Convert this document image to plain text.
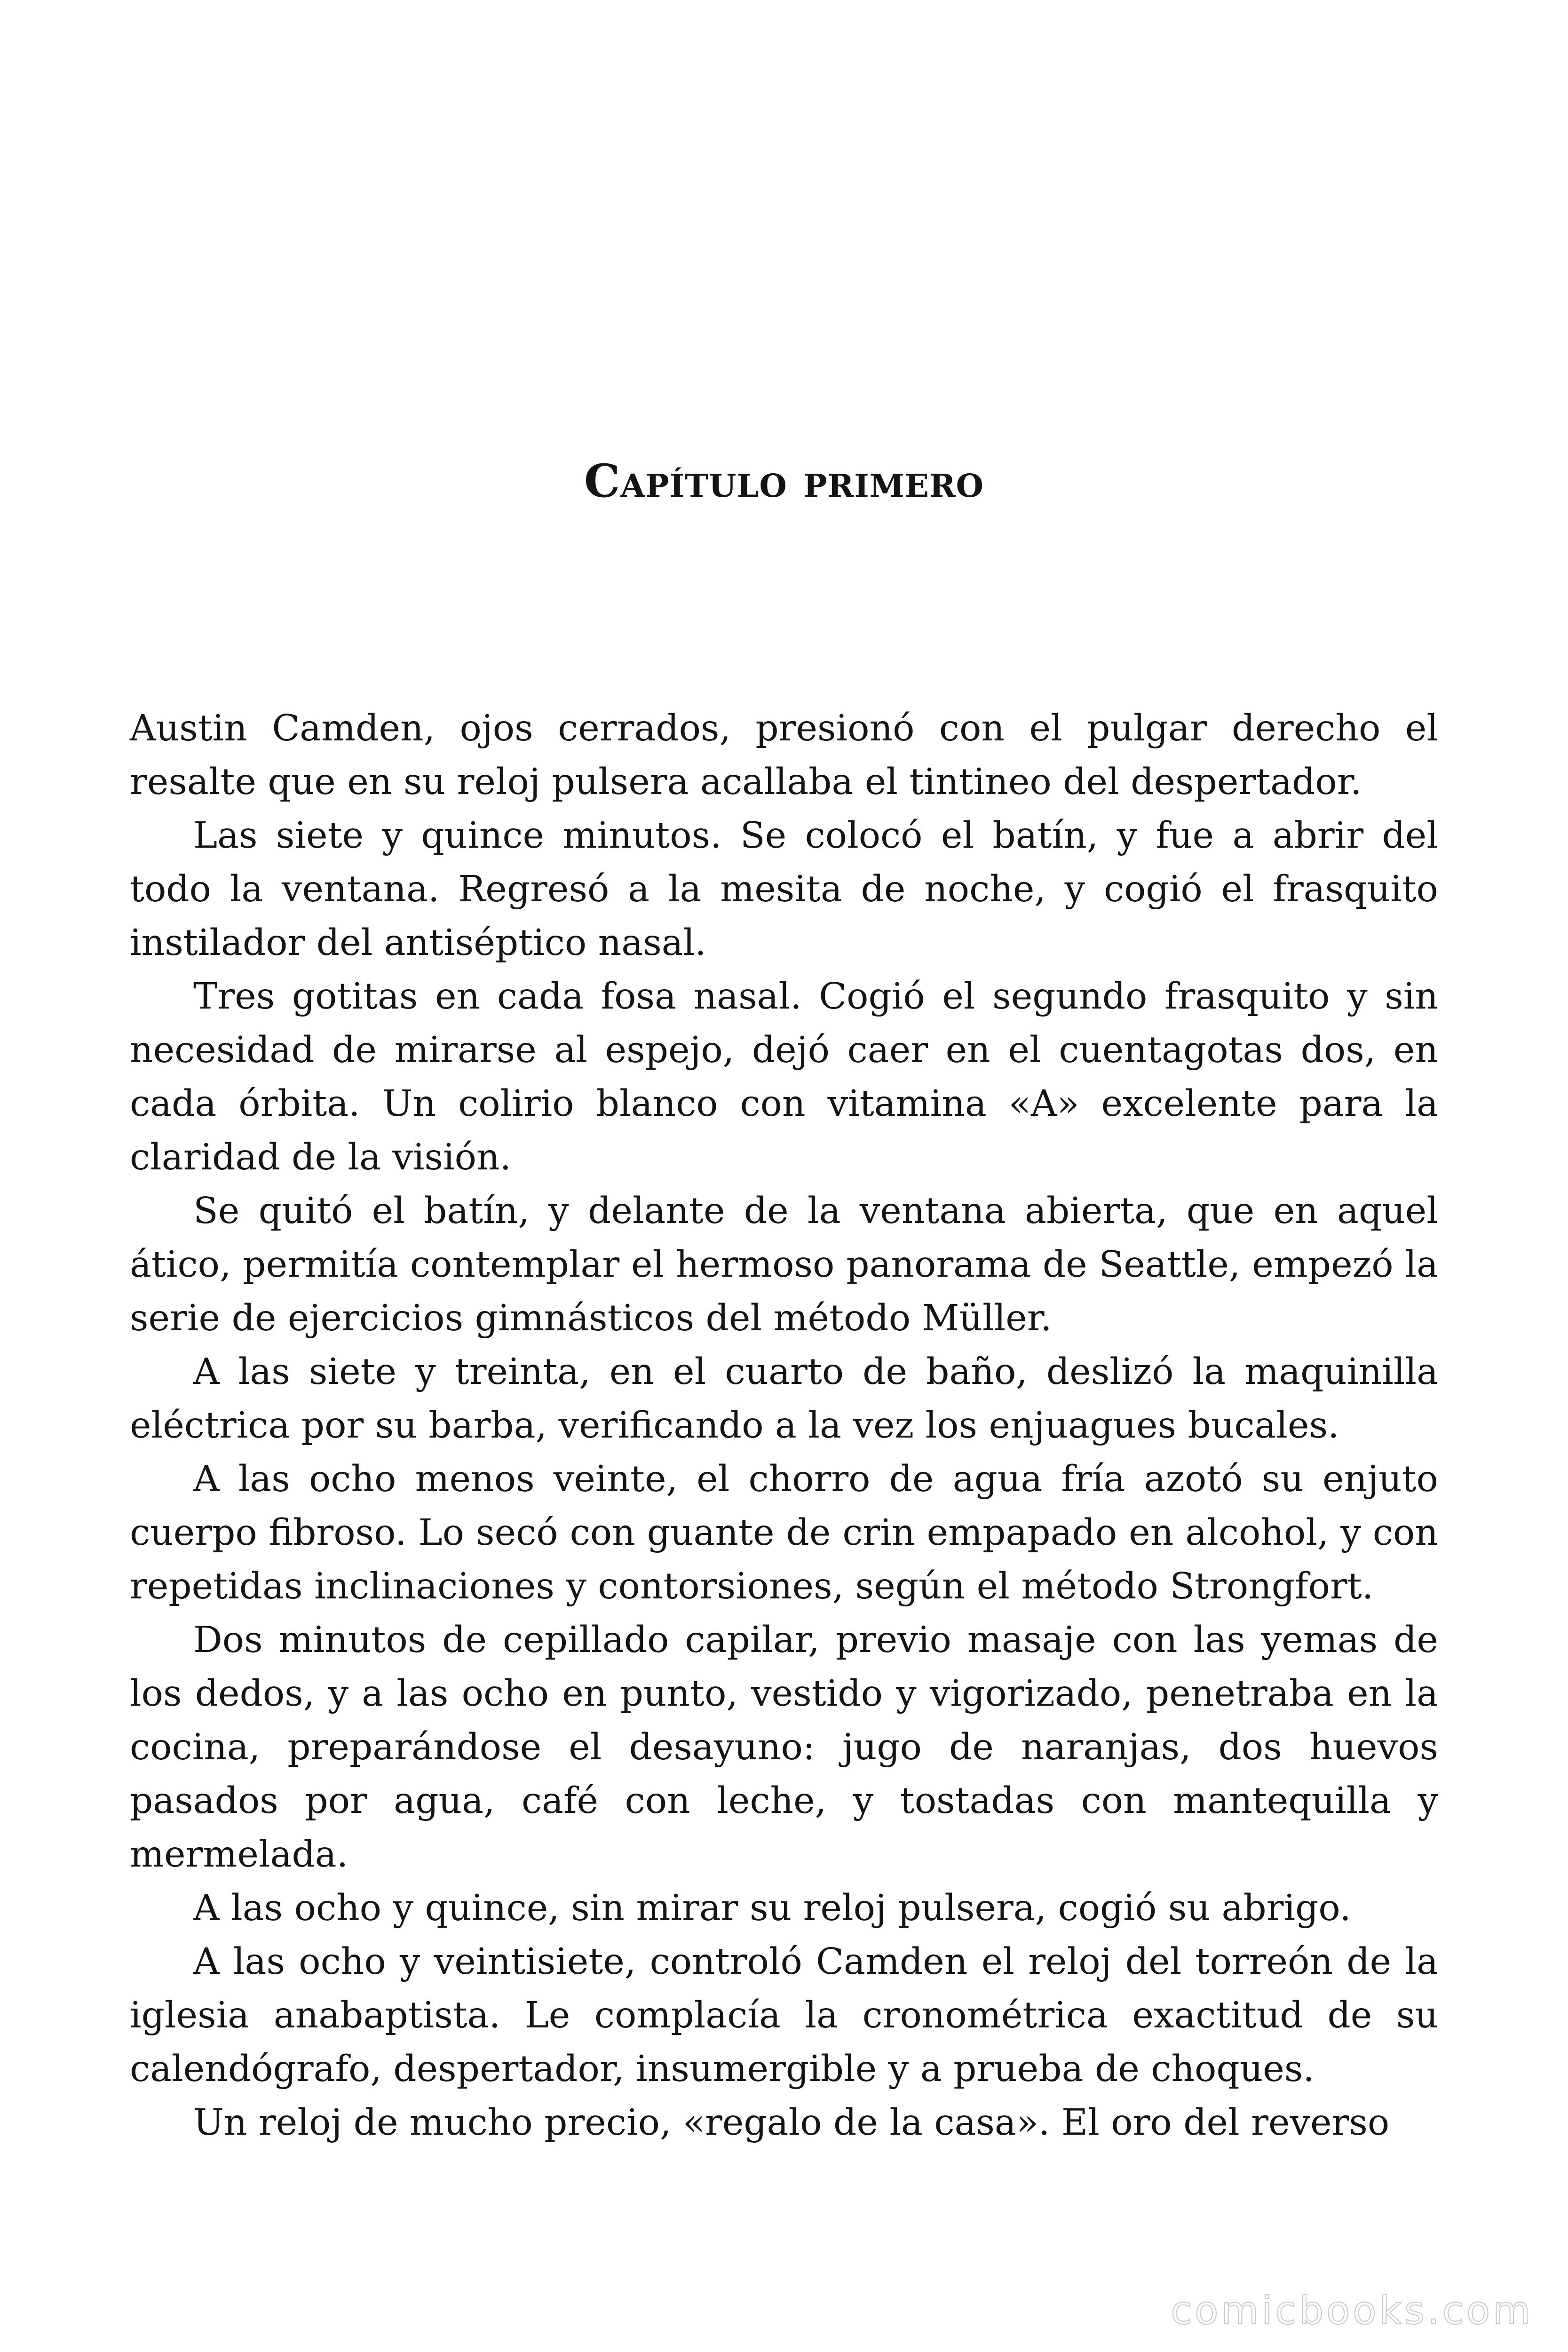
Capítulo primero

Austin Camden, ojos cerrados, presionó con el pulgar derecho el resalte que en su reloj pulsera acallaba el tintineo del despertador.

Las siete y quince minutos. Se colocó el batín, y fue a abrir del todo la ventana. Regresó a la mesita de noche, y cogió el frasquito instilador del antiséptico nasal.

Tres gotitas en cada fosa nasal. Cogió el segundo frasquito y sin necesidad de mirarse al espejo, dejó caer en el cuentagotas dos, en cada órbita. Un colirio blanco con vitamina «A» excelente para la claridad de la visión.

Se quitó el batín, y delante de la ventana abierta, que en aquel ático, permitía contemplar el hermoso panorama de Seattle, empezó la serie de ejercicios gimnásticos del método Müller.

A las siete y treinta, en el cuarto de baño, deslizó la maquinilla eléctrica por su barba, verificando a la vez los enjuagues bucales.

A las ocho menos veinte, el chorro de agua fría azotó su enjuto cuerpo fibroso. Lo secó con guante de crin empapado en alcohol, y con repetidas inclinaciones y contorsiones, según el método Strongfort.

Dos minutos de cepillado capilar, previo masaje con las yemas de los dedos, y a las ocho en punto, vestido y vigorizado, penetraba en la cocina, preparándose el desayuno: jugo de naranjas, dos huevos pasados por agua, café con leche, y tostadas con mantequilla y mermelada.

A las ocho y quince, sin mirar su reloj pulsera, cogió su abrigo.

A las ocho y veintisiete, controló Camden el reloj del torreón de la iglesia anabaptista. Le complacía la cronométrica exactitud de su calendógrafo, despertador, insumergible y a prueba de choques.

Un reloj de mucho precio, «regalo de la casa». El oro del reverso

comicbooks.com
